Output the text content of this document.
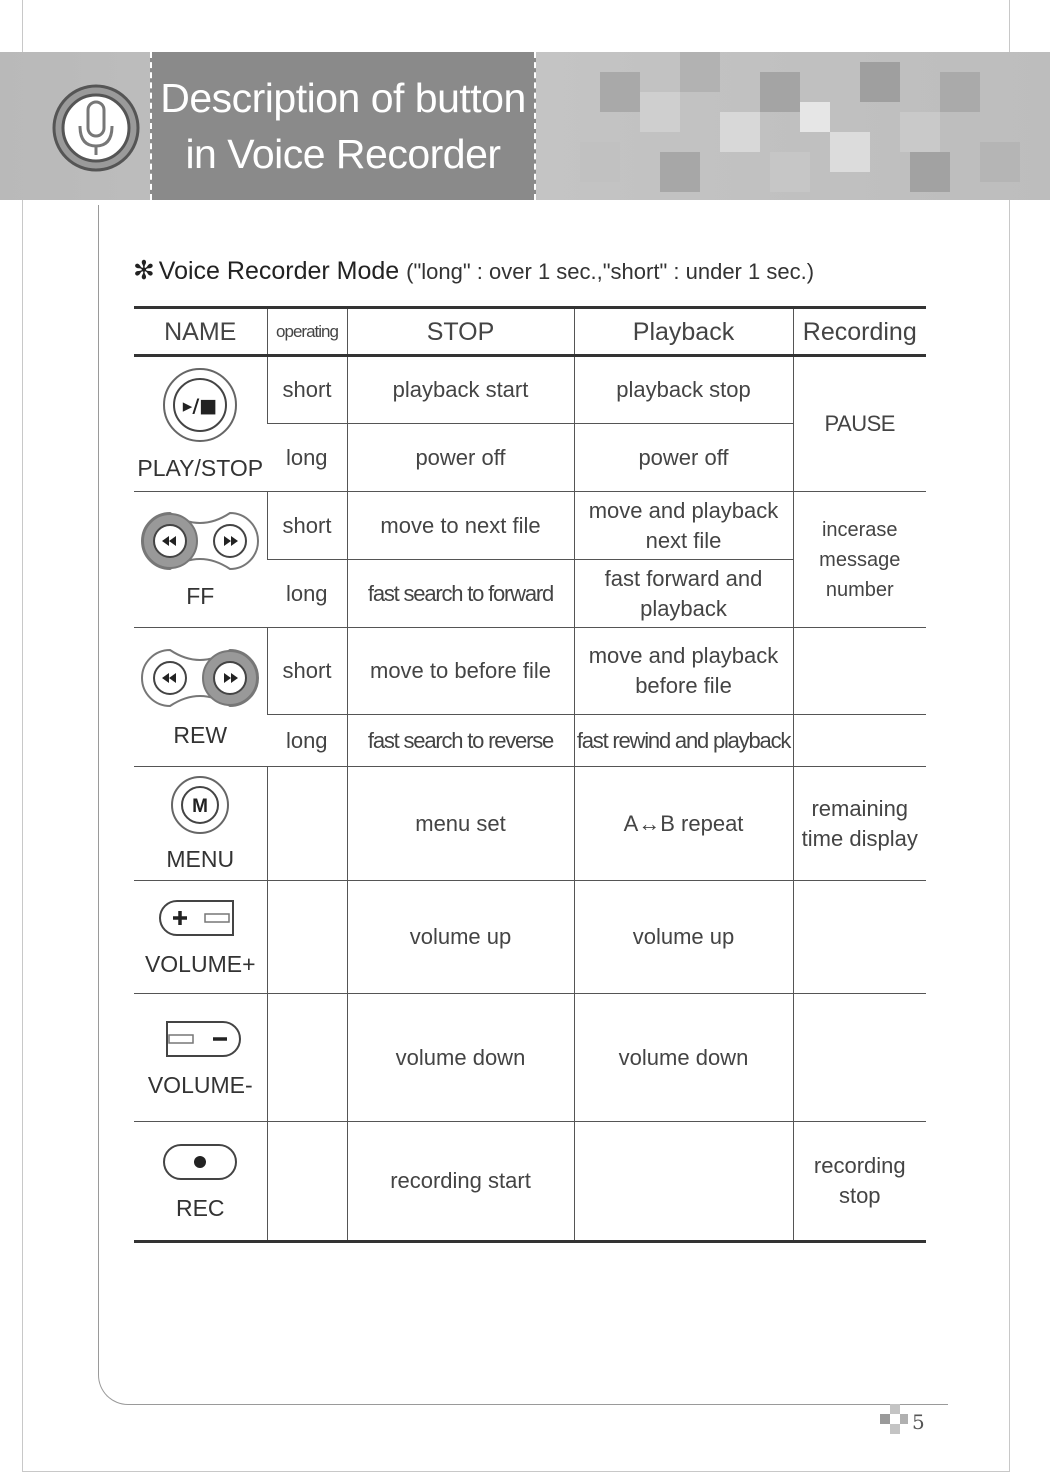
Description of button
in Voice Recorder
✻ Voice Recorder Mode ("long" : over 1 sec.,"short" : under 1 sec.)
NAME	operating	STOP	Playback	Recording

▸/■
PLAY/STOP	short	playback start	playback stop	PAUSE
	long	power off	power off	

FF	short	move to next file	move and playback next file	incerase message number
	long	fast search to forward	fast forward and playback	

REW	short	move to before file	move and playback before file	
	long	fast search to reverse	fast rewind and playback	

M
MENU		menu set	A↔B repeat	remaining time display

VOLUME+		volume up	volume up	

VOLUME-		volume down	volume down	

REC		recording start		recording stop
5
